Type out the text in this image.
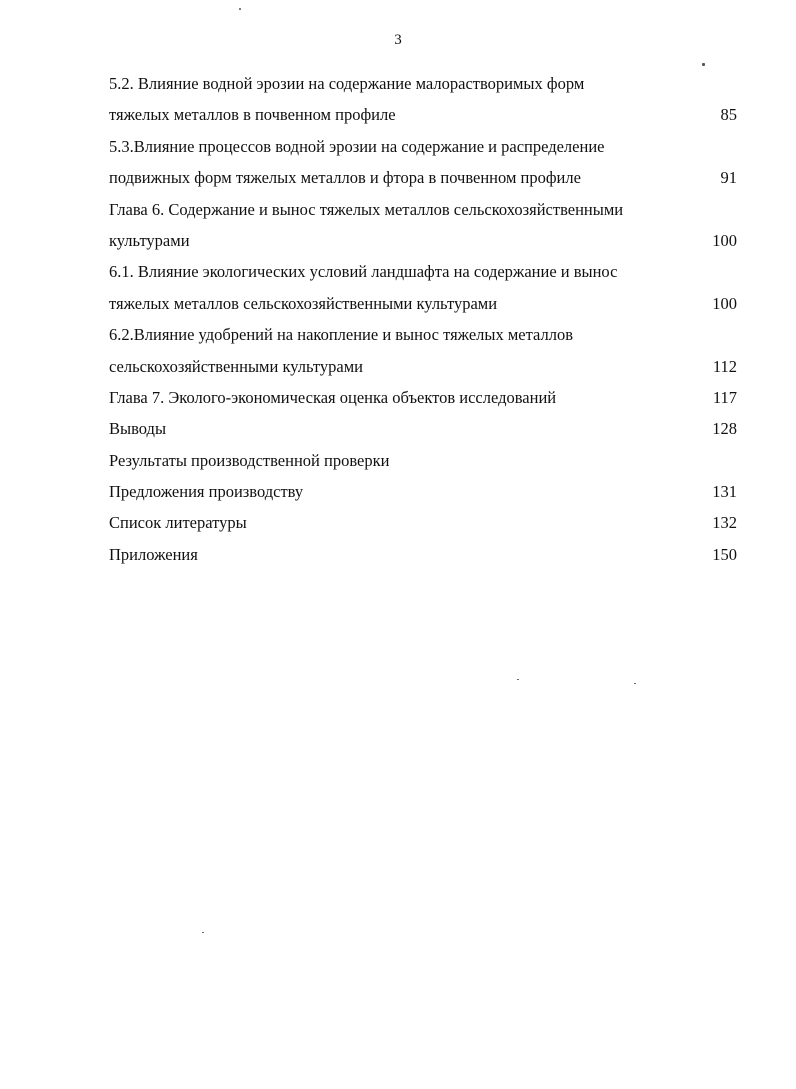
3
5.2. Влияние водной эрозии на содержание малорастворимых форм
тяжелых металлов в почвенном профиле	85
5.3.Влияние процессов водной эрозии на содержание и распределение
подвижных форм тяжелых металлов и фтора в почвенном профиле	91
Глава 6. Содержание и вынос тяжелых металлов сельскохозяйственными
культурами	100
6.1. Влияние экологических условий ландшафта на содержание и вынос
тяжелых металлов сельскохозяйственными культурами	100
6.2.Влияние удобрений на накопление и вынос тяжелых металлов
сельскохозяйственными культурами	112
Глава 7. Эколого-экономическая оценка объектов исследований	117
Выводы	128
Результаты производственной проверки
Предложения производству	131
Список литературы	132
Приложения	150
